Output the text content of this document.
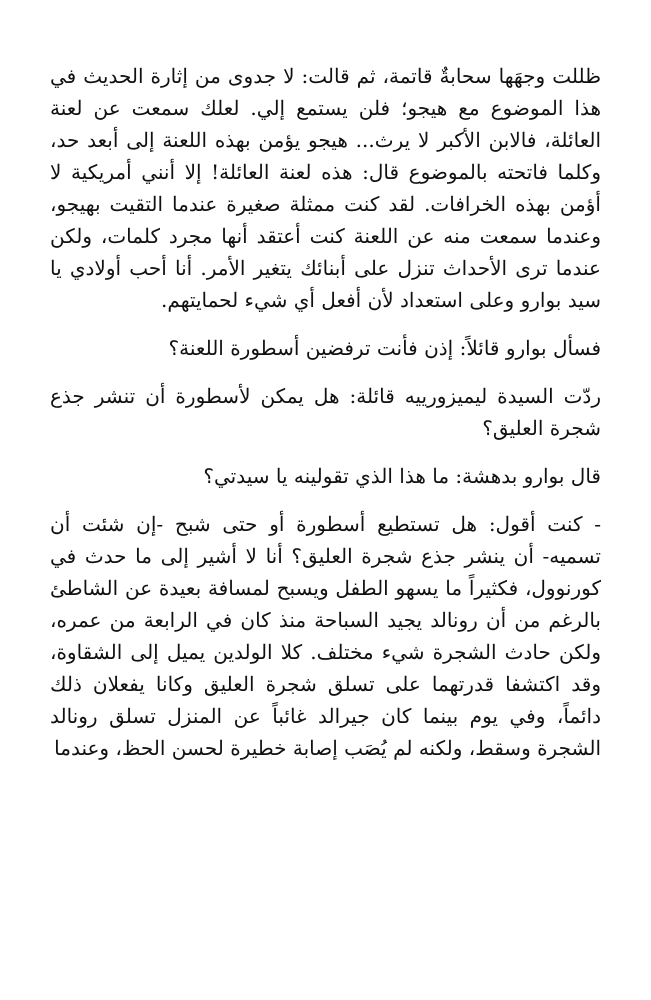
ظللت وجهَها سحابةٌ قاتمة، ثم قالت: لا جدوى من إثارة الحديث في هذا الموضوع مع هيجو؛ فلن يستمع إلي. لعلك سمعت عن لعنة العائلة، فالابن الأكبر لا يرث... هيجو يؤمن بهذه اللعنة إلى أبعد حد، وكلما فاتحته بالموضوع قال: هذه لعنة العائلة! إلا أنني أمريكية لا أؤمن بهذه الخرافات. لقد كنت ممثلة صغيرة عندما التقيت بهيجو، وعندما سمعت منه عن اللعنة كنت أعتقد أنها مجرد كلمات، ولكن عندما ترى الأحداث تنزل على أبنائك يتغير الأمر. أنا أحب أولادي يا سيد بوارو وعلى استعداد لأن أفعل أي شيء لحمايتهم.

فسأل بوارو قائلاً: إذن فأنت ترفضين أسطورة اللعنة؟

ردّت السيدة ليميزورييه قائلة: هل يمكن لأسطورة أن تنشر جذع شجرة العليق؟

قال بوارو بدهشة: ما هذا الذي تقولينه يا سيدتي؟

- كنت أقول: هل تستطيع أسطورة أو حتى شبح -إن شئت أن تسميه- أن ينشر جذع شجرة العليق؟ أنا لا أشير إلى ما حدث في كورنوول، فكثيراً ما يسهو الطفل ويسبح لمسافة بعيدة عن الشاطئ بالرغم من أن رونالد يجيد السباحة منذ كان في الرابعة من عمره، ولكن حادث الشجرة شيء مختلف. كلا الولدين يميل إلى الشقاوة، وقد اكتشفا قدرتهما على تسلق شجرة العليق وكانا يفعلان ذلك دائماً، وفي يوم بينما كان جيرالد غائباً عن المنزل تسلق رونالد الشجرة وسقط، ولكنه لم يُصَب إصابة خطيرة لحسن الحظ، وعندما
